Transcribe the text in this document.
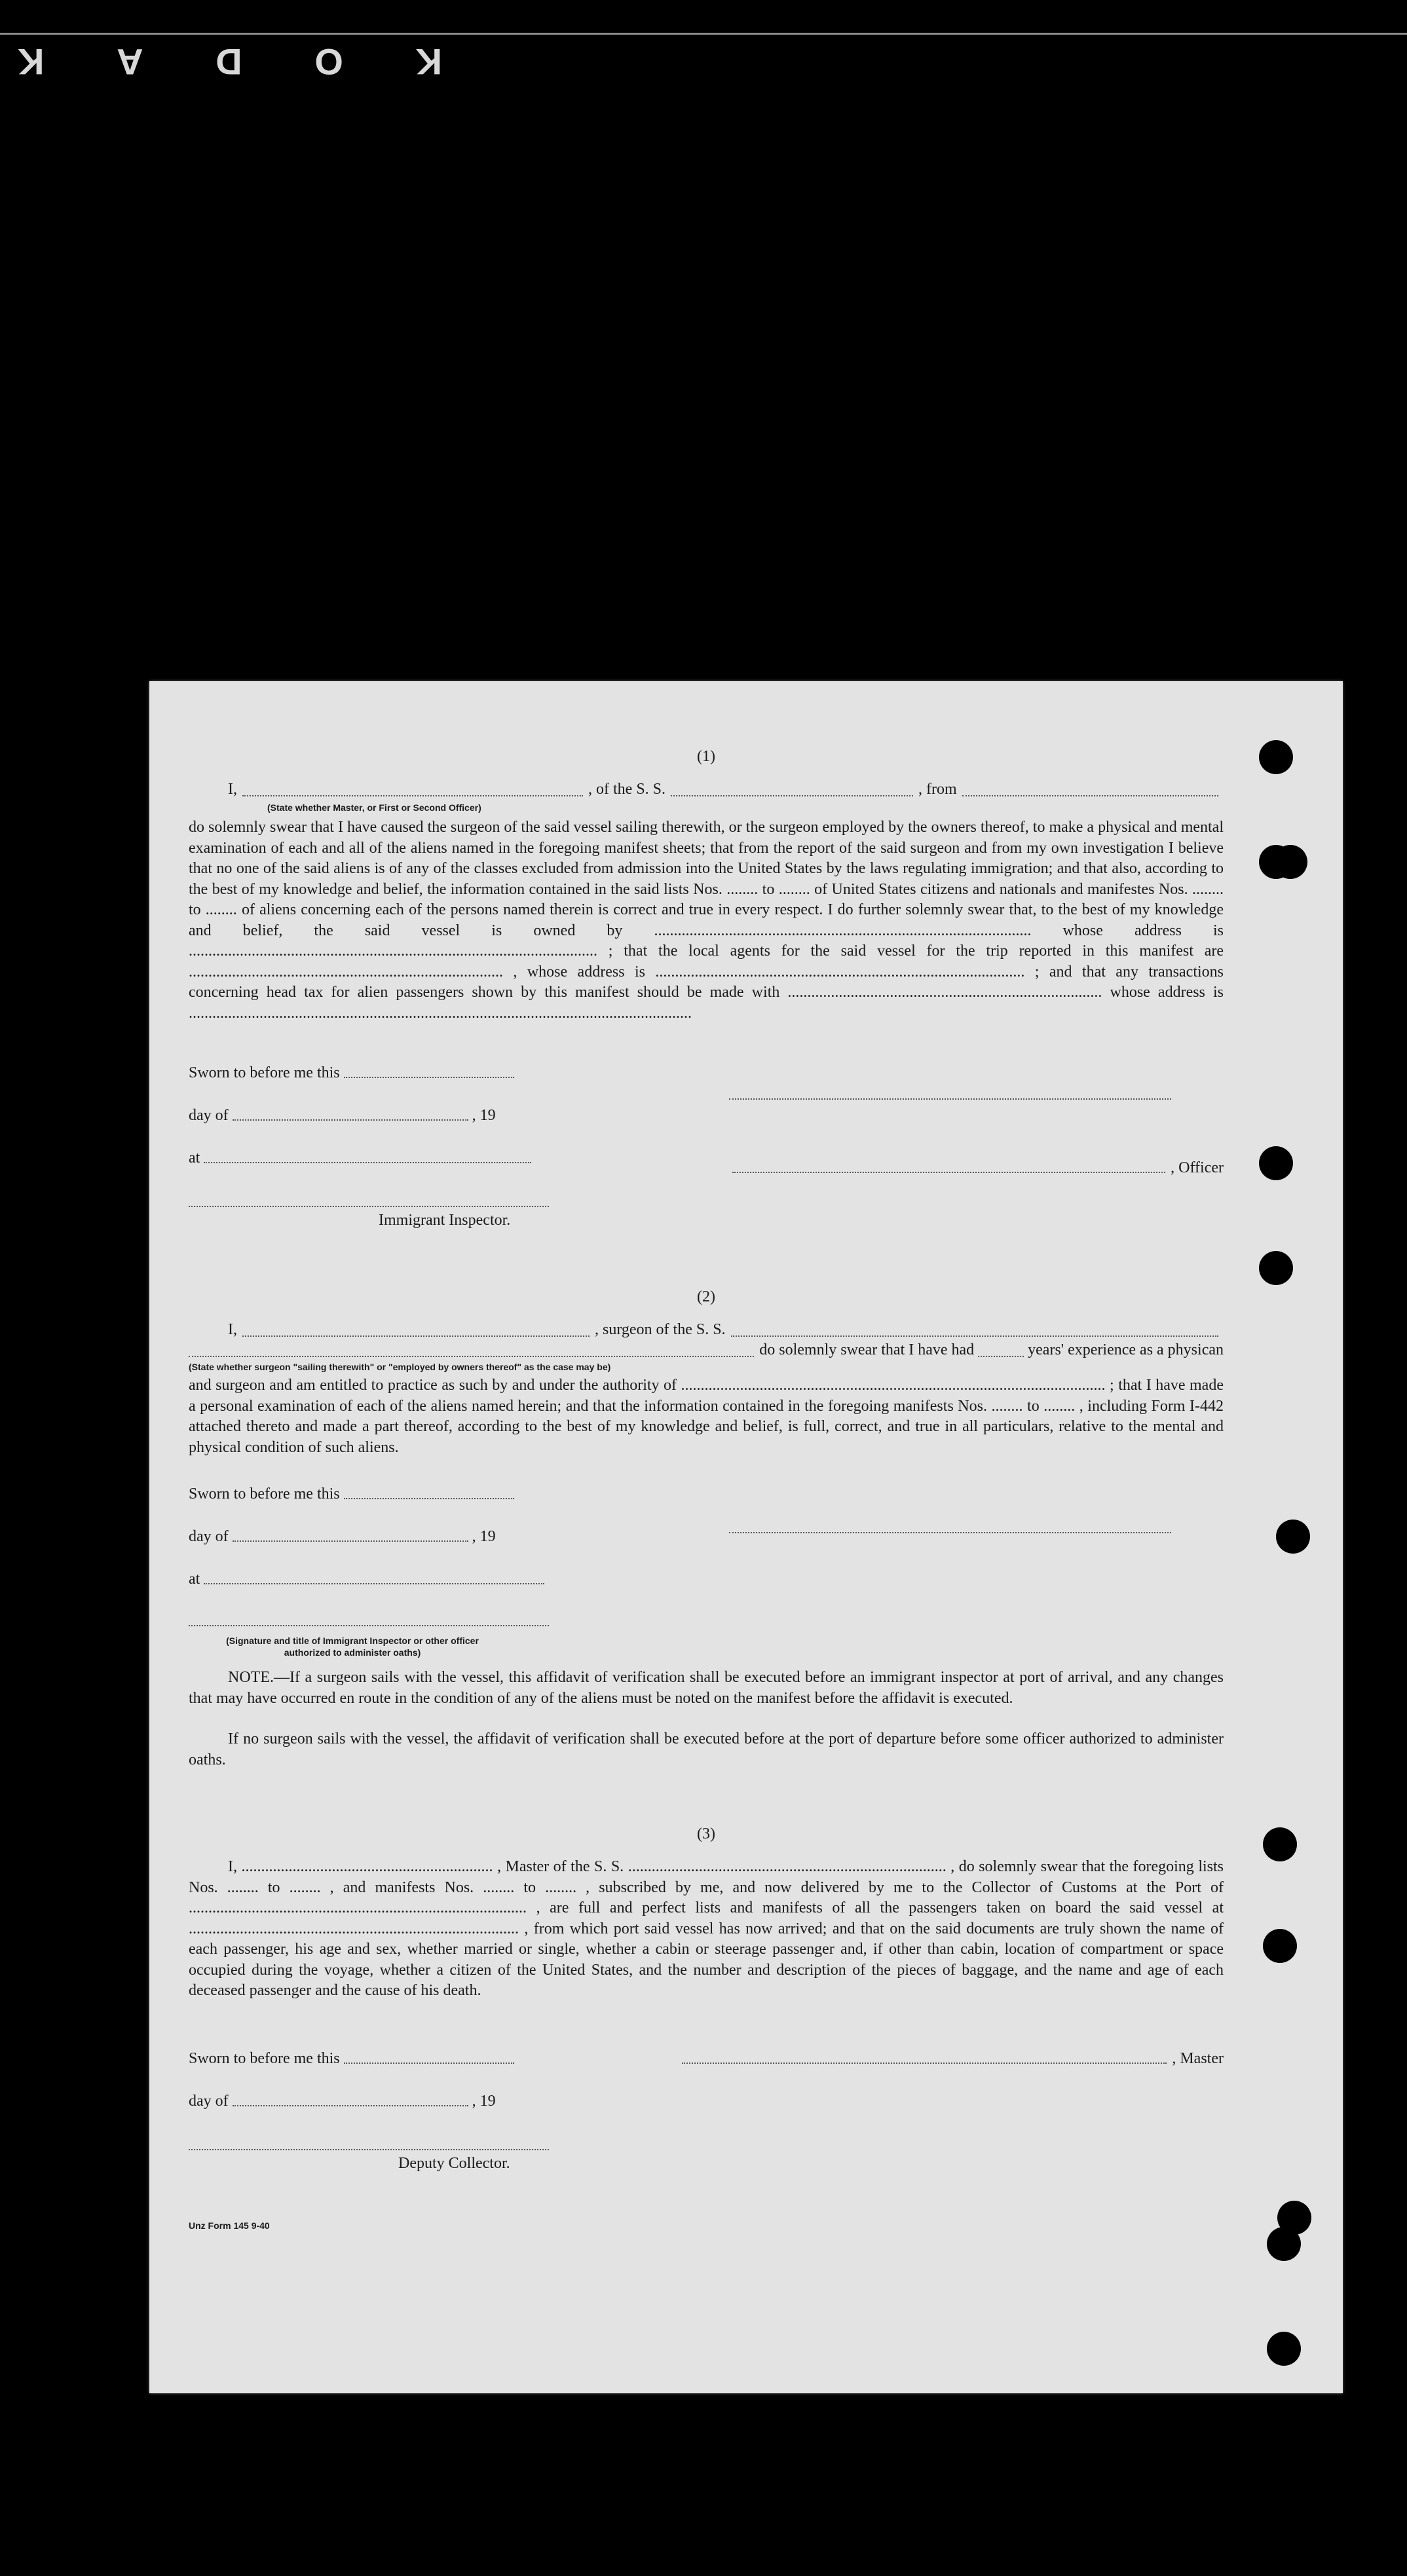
K
O
D
A
K
(1)
I,	, of the S. S.	, from
(State whether Master, or First or Second Officer)
do solemnly swear that I have caused the surgeon of the said vessel sailing therewith, or the surgeon employed by the owners thereof, to make a physical and mental examination of each and all of the aliens named in the foregoing manifest sheets; that from the report of the said surgeon and from my own investigation I believe that no one of the said aliens is of any of the classes excluded from admission into the United States by the laws regulating immigration; and that also, according to the best of my knowledge and belief, the information contained in the said lists Nos. ........ to ........ of United States citizens and nationals and manifestes Nos. ........ to ........ of aliens concerning each of the persons named therein is correct and true in every respect. I do further solemnly swear that, to the best of my knowledge and belief, the said vessel is owned by ................................................................................................ whose address is ........................................................................................................ ; that the local agents for the said vessel for the trip reported in this manifest are ................................................................................ , whose address is .............................................................................................. ; and that any transactions concerning head tax for alien passengers shown by this manifest should be made with ................................................................................ whose address is ................................................................................................................................
Sworn to before me this
day of	, 19
at
, Officer
Immigrant Inspector.
(2)
I,	, surgeon of the S. S.
do solemnly swear that I have had	years' experience as a physican
(State whether surgeon "sailing therewith" or "employed by owners thereof" as the case may be)
and surgeon and am entitled to practice as such by and under the authority of ............................................................................................................ ; that I have made a personal examination of each of the aliens named herein; and that the information contained in the foregoing manifests Nos. ........ to ........ , including Form I-442 attached thereto and made a part thereof, according to the best of my knowledge and belief, is full, correct, and true in all particulars, relative to the mental and physical condition of such aliens.
Sworn to before me this
day of	, 19
at
(Signature and title of Immigrant Inspector or other officer authorized to administer oaths)
NOTE.—If a surgeon sails with the vessel, this affidavit of verification shall be executed before an immigrant inspector at port of arrival, and any changes that may have occurred en route in the condition of any of the aliens must be noted on the manifest before the affidavit is executed.
If no surgeon sails with the vessel, the affidavit of verification shall be executed before at the port of departure before some officer authorized to administer oaths.
(3)
I, ................................................................ , Master of the S. S. ................................................................................. , do solemnly swear that the foregoing lists Nos. ........ to ........ , and manifests Nos. ........ to ........ , subscribed by me, and now delivered by me to the Collector of Customs at the Port of ...................................................................................... , are full and perfect lists and manifests of all the passengers taken on board the said vessel at .................................................................................... , from which port said vessel has now arrived; and that on the said documents are truly shown the name of each passenger, his age and sex, whether married or single, whether a cabin or steerage passenger and, if other than cabin, location of compartment or space occupied during the voyage, whether a citizen of the United States, and the number and description of the pieces of baggage, and the name and age of each deceased passenger and the cause of his death.
Sworn to before me this	, Master
day of	, 19
Deputy Collector.
Unz Form 145 9-40
